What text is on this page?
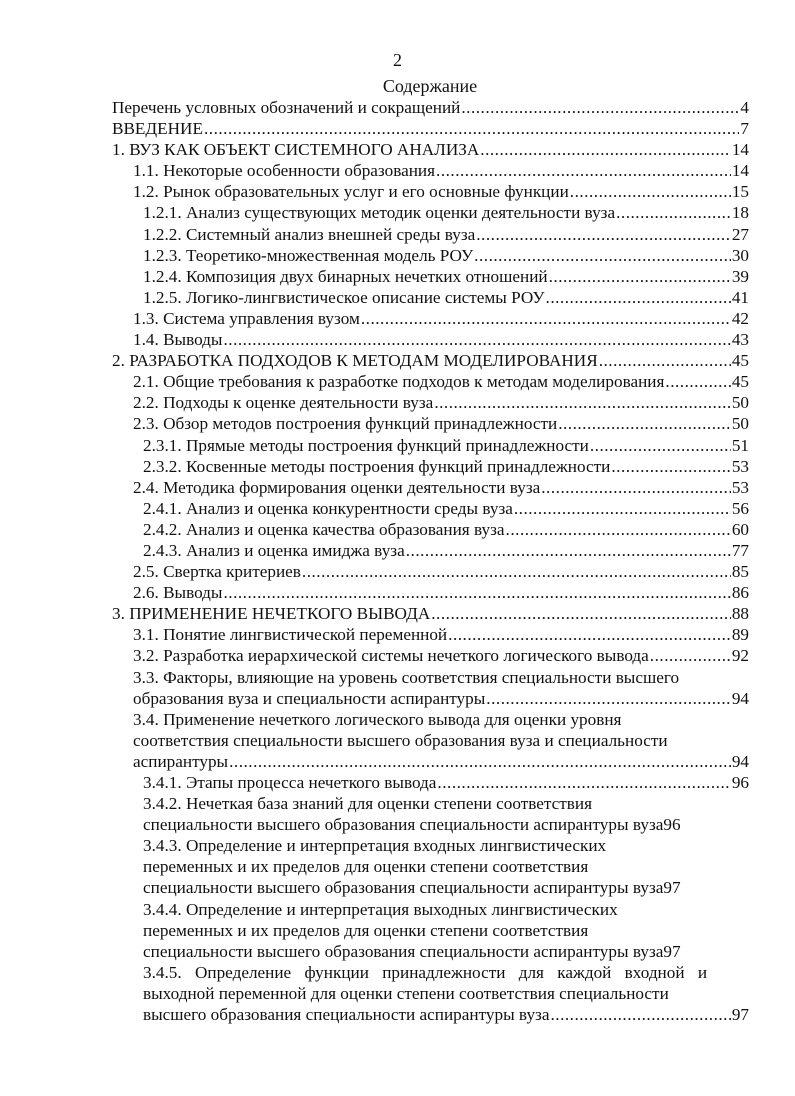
2
Содержание
Перечень условных обозначений и сокращений .....	4
ВВЕДЕНИЕ .....	7
1. ВУЗ КАК ОБЪЕКТ СИСТЕМНОГО АНАЛИЗА .....	14
1.1. Некоторые особенности образования .....	14
1.2. Рынок образовательных услуг и его основные функции .....	15
1.2.1. Анализ существующих методик оценки деятельности вуза .....	18
1.2.2. Системный анализ внешней среды вуза .....	27
1.2.3. Теоретико-множественная модель РОУ .....	30
1.2.4. Композиция двух бинарных нечетких отношений .....	39
1.2.5. Логико-лингвистическое описание системы РОУ .....	41
1.3. Система управления вузом .....	42
1.4. Выводы .....	43
2. РАЗРАБОТКА ПОДХОДОВ К МЕТОДАМ МОДЕЛИРОВАНИЯ .....	45
2.1. Общие требования к разработке подходов к методам моделирования .....	45
2.2. Подходы к оценке деятельности вуза .....	50
2.3. Обзор методов построения функций принадлежности .....	50
2.3.1. Прямые методы построения функций принадлежности .....	51
2.3.2. Косвенные методы построения функций принадлежности .....	53
2.4. Методика формирования оценки деятельности вуза .....	53
2.4.1. Анализ и оценка конкурентности среды вуза .....	56
2.4.2. Анализ и оценка качества образования вуза .....	60
2.4.3. Анализ и оценка имиджа вуза .....	77
2.5. Свертка критериев .....	85
2.6. Выводы .....	86
3. ПРИМЕНЕНИЕ НЕЧЕТКОГО ВЫВОДА .....	88
3.1. Понятие лингвистической переменной .....	89
3.2. Разработка иерархической системы нечеткого логического вывода .....	92
3.3. Факторы, влияющие на уровень соответствия специальности высшего
образования вуза и специальности аспирантуры .....	94
3.4. Применение нечеткого логического вывода для оценки уровня
соответствия специальности высшего образования вуза и специальности
аспирантуры .....	94
3.4.1. Этапы процесса нечеткого вывода .....	96
3.4.2. Нечеткая база знаний для оценки степени соответствия
специальности высшего образования специальности аспирантуры вуза 96
3.4.3. Определение и интерпретация входных лингвистических
переменных и их пределов для оценки степени соответствия
специальности высшего образования специальности аспирантуры вуза 97
3.4.4. Определение и интерпретация выходных лингвистических
переменных и их пределов для оценки степени соответствия
специальности высшего образования специальности аспирантуры вуза 97
3.4.5. Определение функции принадлежности для каждой входной и
выходной переменной для оценки степени соответствия специальности
высшего образования специальности аспирантуры вуза .....	97
